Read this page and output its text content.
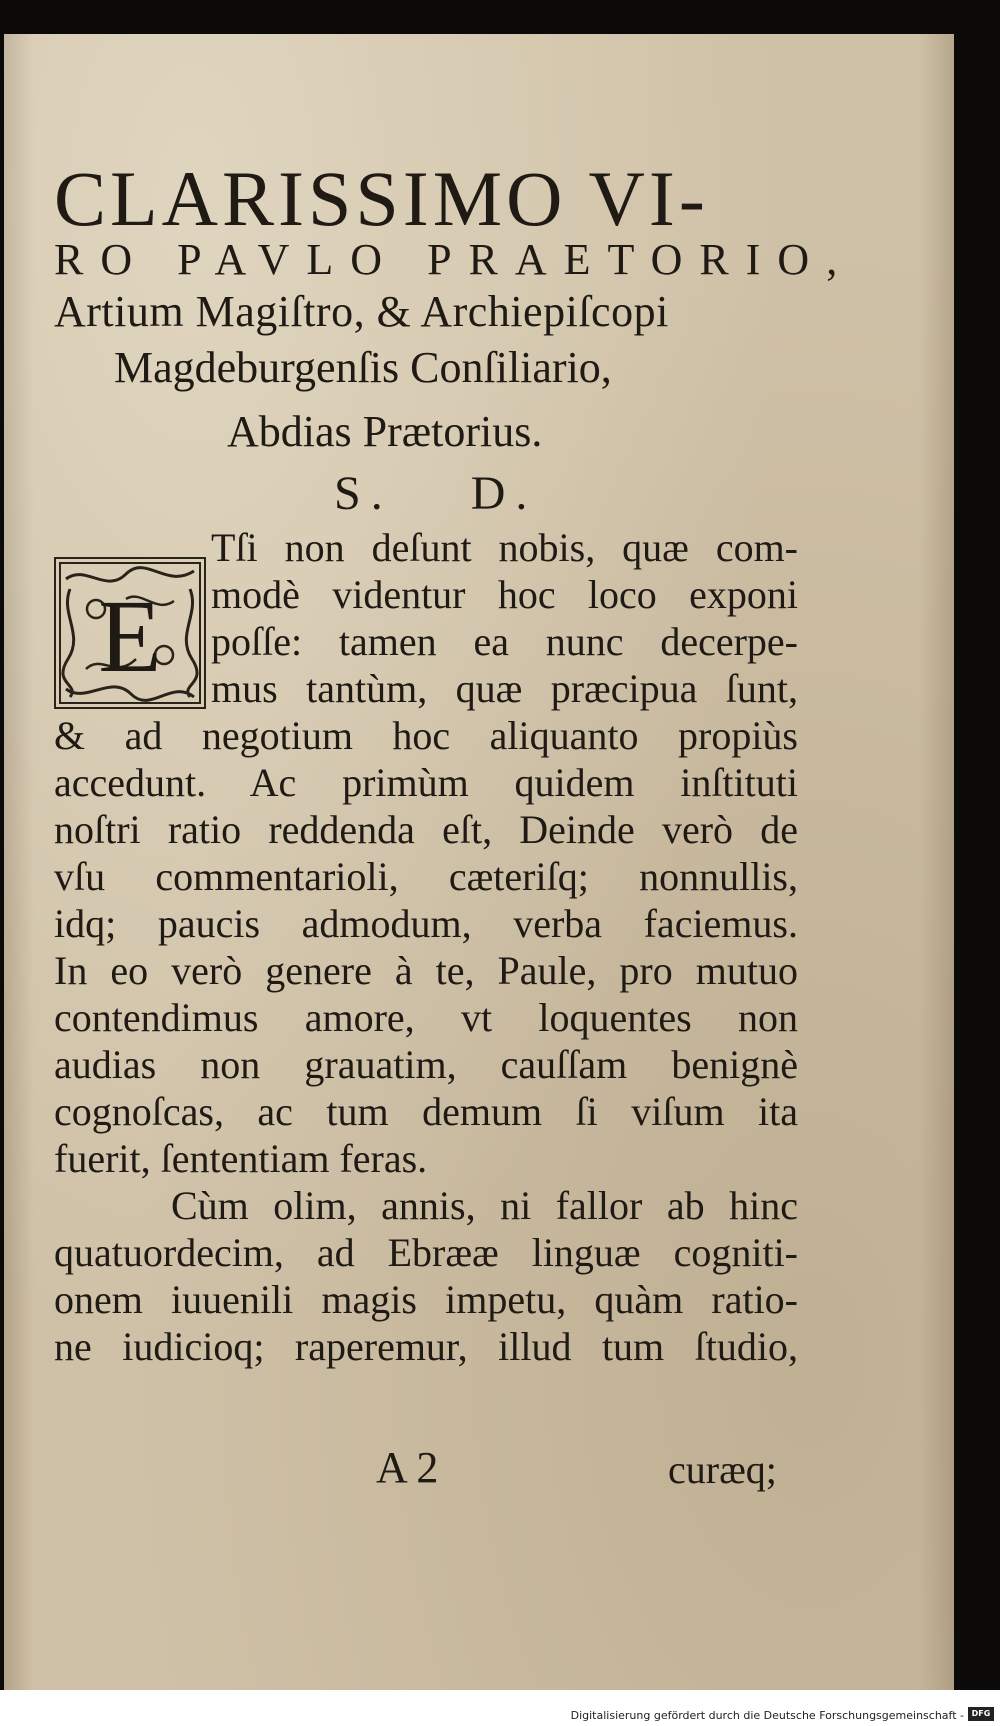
CLARISSIMO VI-
RO PAVLO PRAETORIO,
Artium Magiſtro, & Archiepiſcopi
Magdeburgenſis Conſiliario,
Abdias Prætorius.
S. D.
E
Tſi non deſunt nobis, quæ com-
modè videntur hoc loco exponi
poſſe: tamen ea nunc decerpe-
mus tantùm, quæ præcipua ſunt,
& ad negotium hoc aliquanto propiùs
accedunt. Ac primùm quidem inſtituti
noſtri ratio reddenda eſt, Deinde verò de
vſu commentarioli, cæteriſq; nonnullis,
idq; paucis admodum, verba faciemus.
In eo verò genere à te, Paule, pro mutuo
contendimus amore, vt loquentes non
audias non grauatim, cauſſam benignè
cognoſcas, ac tum demum ſi viſum ita
fuerit, ſententiam feras.
Cùm olim, annis, ni fallor ab hinc
quatuordecim, ad Ebrææ linguæ cogniti-
onem iuuenili magis impetu, quàm ratio-
ne iudicioq; raperemur, illud tum ſtudio,
A 2	curæq;
Digitalisierung gefördert durch die Deutsche Forschungsgemeinschaft - DFG
